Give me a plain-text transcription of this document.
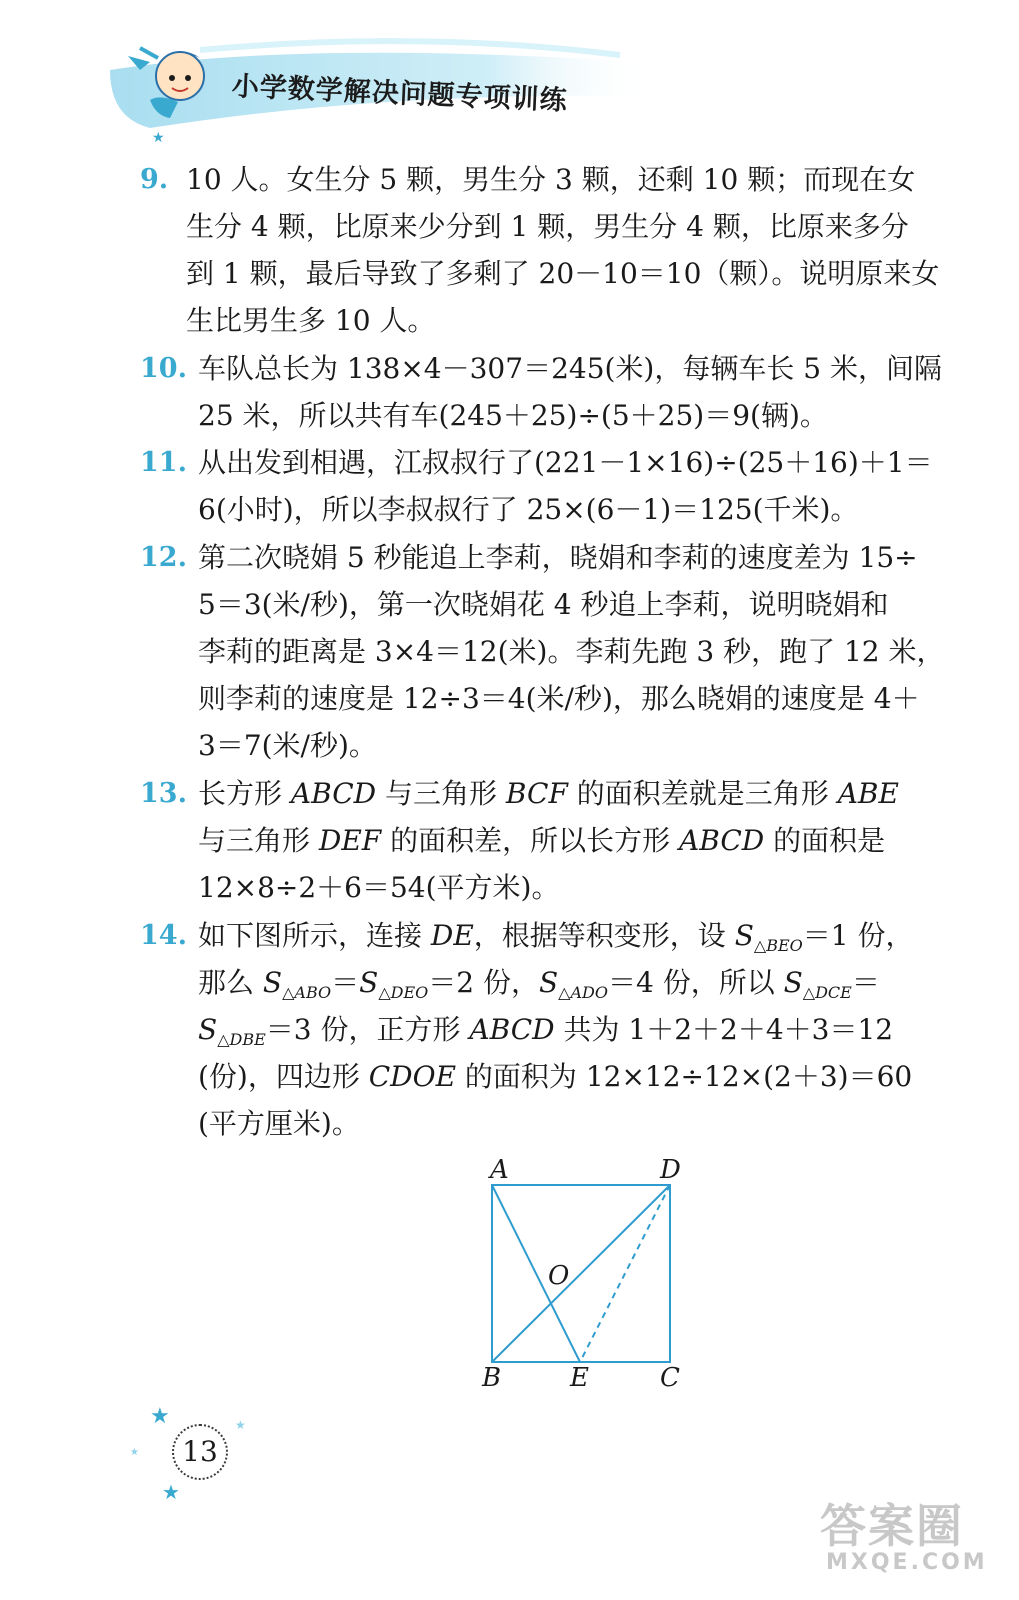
★
小学数学解决问题专项训练
9. 10 人。女生分 5 颗，男生分 3 颗，还剩 10 颗；而现在女
生分 4 颗，比原来少分到 1 颗，男生分 4 颗，比原来多分
到 1 颗，最后导致了多剩了 20－10＝10（颗）。说明原来女
生比男生多 10 人。
10. 车队总长为 138×4－307＝245(米)，每辆车长 5 米，间隔
25 米，所以共有车(245＋25)÷(5＋25)＝9(辆)。
11. 从出发到相遇，江叔叔行了(221－1×16)÷(25＋16)＋1＝
6(小时)，所以李叔叔行了 25×(6－1)＝125(千米)。
12. 第二次晓娟 5 秒能追上李莉，晓娟和李莉的速度差为 15÷
5＝3(米/秒)，第一次晓娟花 4 秒追上李莉，说明晓娟和
李莉的距离是 3×4＝12(米)。李莉先跑 3 秒，跑了 12 米，
则李莉的速度是 12÷3＝4(米/秒)，那么晓娟的速度是 4＋
3＝7(米/秒)。
13. 长方形 ABCD 与三角形 BCF 的面积差就是三角形 ABE
与三角形 DEF 的面积差，所以长方形 ABCD 的面积是
12×8÷2＋6＝54(平方米)。
14. 如下图所示，连接 DE，根据等积变形，设 $S_{\triangle BEO}=1$ 份，
那么 $S_{\triangle ABO}=S_{\triangle DEO}=2$ 份，$S_{\triangle ADO}=4$ 份，所以 $S_{\triangle DCE}=$
$S_{\triangle DBE}=3$ 份，正方形 ABCD 共为 1＋2＋2＋4＋3＝12
(份)，四边形 CDOE 的面积为 12×12÷12×(2＋3)＝60
(平方厘米)。
A	D
O
B	E	C
★
★
★
★	13
答案圈
MXQE.COM
